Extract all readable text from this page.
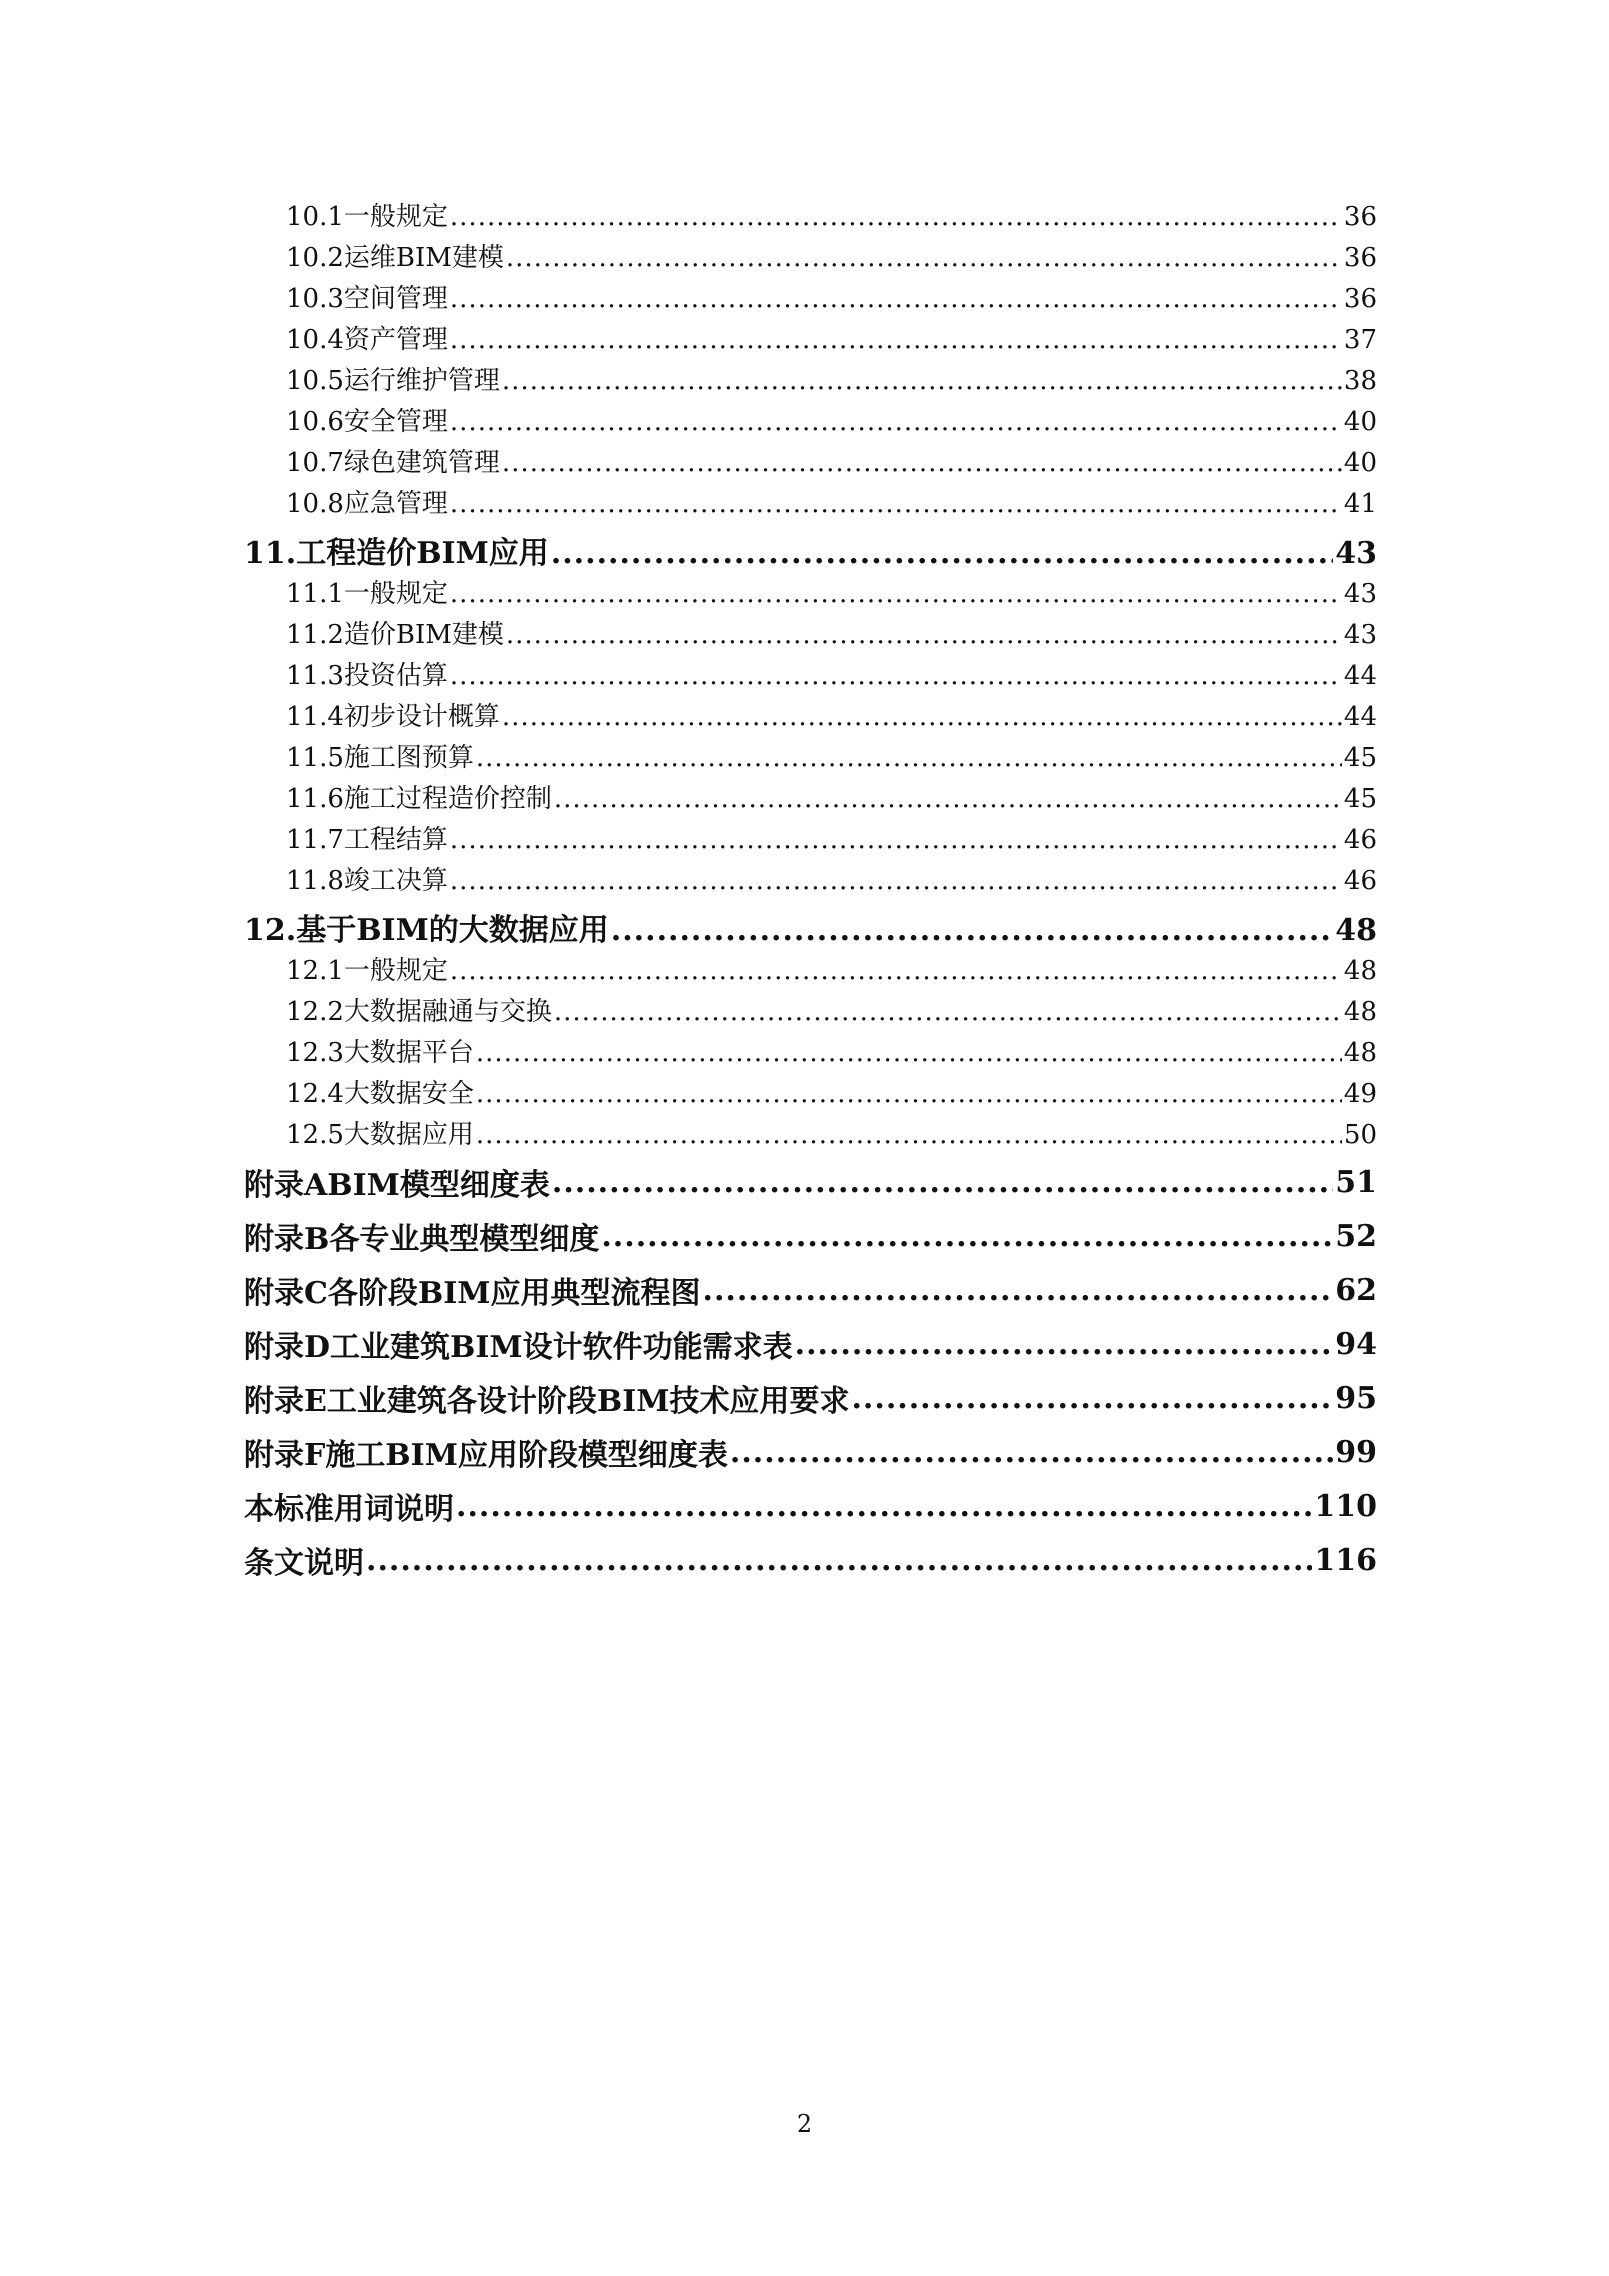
10.1 一般规定 .....	36
10.2 运维BIM建模 .....	36
10.3 空间管理 .....	36
10.4 资产管理 .....	37
10.5 运行维护管理 .....	38
10.6 安全管理 .....	40
10.7 绿色建筑管理 .....	40
10.8 应急管理 .....	41
11.工程造价BIM应用 .....	43
11.1 一般规定 .....	43
11.2 造价BIM建模 .....	43
11.3 投资估算 .....	44
11.4 初步设计概算 .....	44
11.5 施工图预算 .....	45
11.6 施工过程造价控制 .....	45
11.7 工程结算 .....	46
11.8 竣工决算 .....	46
12.基于BIM的大数据应用 .....	48
12.1 一般规定 .....	48
12.2 大数据融通与交换 .....	48
12.3 大数据平台 .....	48
12.4 大数据安全 .....	49
12.5 大数据应用 .....	50
附录A BIM模型细度表 .....	51
附录B 各专业典型模型细度 .....	52
附录C 各阶段BIM应用典型流程图 .....	62
附录D 工业建筑BIM设计软件功能需求表 .....	94
附录E 工业建筑各设计阶段BIM技术应用要求 .....	95
附录F 施工BIM应用阶段模型细度表 .....	99
本标准用词说明 .....	110
条文说明 .....	116
2
